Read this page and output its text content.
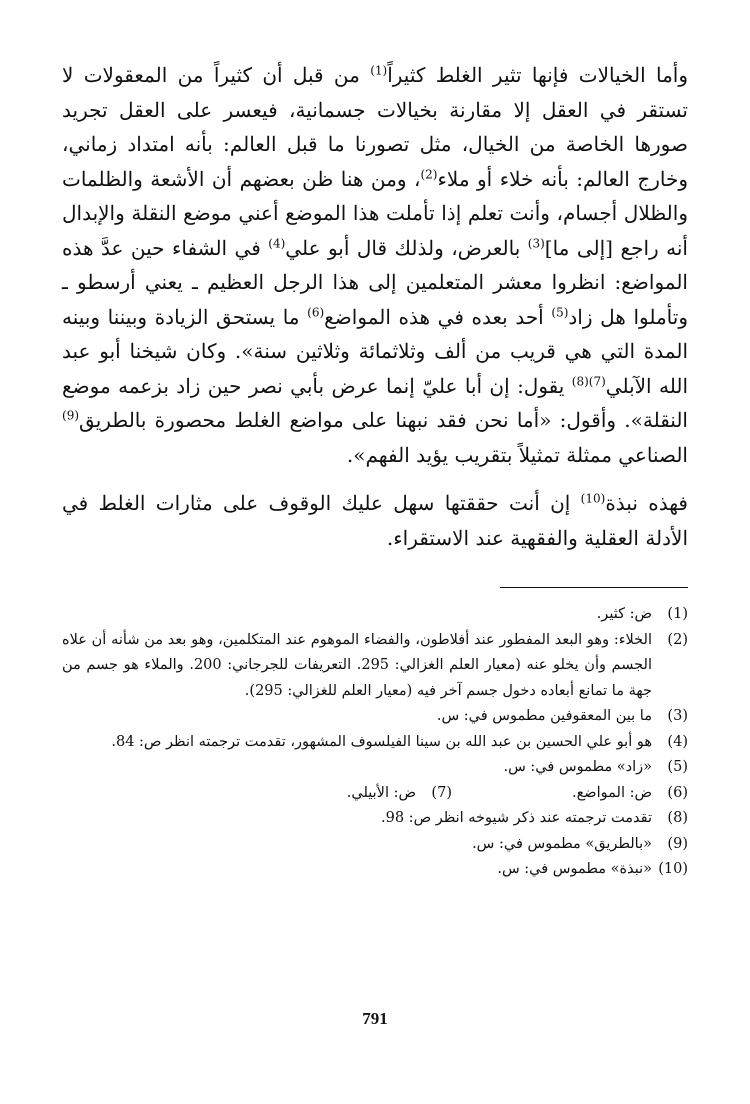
وأما الخيالات فإنها تثير الغلط كثيراً$^{(1)}$ من قبل أن كثيراً من المعقولات لا تستقر في العقل إلا مقارنة بخيالات جسمانية، فيعسر على العقل تجريد صورها الخاصة من الخيال، مثل تصورنا ما قبل العالم: بأنه امتداد زماني، وخارج العالم: بأنه خلاء أو ملاء$^{(2)}$، ومن هنا ظن بعضهم أن الأشعة والظلمات والظلال أجسام، وأنت تعلم إذا تأملت هذا الموضع أعني موضع النقلة والإبدال أنه راجع [إلى ما]$^{(3)}$ بالعرض، ولذلك قال أبو علي$^{(4)}$ في الشفاء حين عدَّ هذه المواضع: انظروا معشر المتعلمين إلى هذا الرجل العظيم ـ يعني أرسطو ـ وتأملوا هل زاد$^{(5)}$ أحد بعده في هذه المواضع$^{(6)}$ ما يستحق الزيادة وبيننا وبينه المدة التي هي قريب من ألف وثلاثمائة وثلاثين سنة». وكان شيخنا أبو عبد الله الآبلي$^{(7)(8)}$ يقول: إن أبا عليّ إنما عرض بأبي نصر حين زاد بزعمه موضع النقلة». وأقول: «أما نحن فقد نبهنا على مواضع الغلط محصورة بالطريق$^{(9)}$ الصناعي ممثلة تمثيلاً بتقريب يؤيد الفهم».

فهذه نبذة$^{(10)}$ إن أنت حققتها سهل عليك الوقوف على مثارات الغلط في الأدلة العقلية والفقهية عند الاستقراء.

(1)
ض: كثير.
(2)
الخلاء: وهو البعد المفطور عند أفلاطون، والفضاء الموهوم عند المتكلمين، وهو بعد من شأنه أن علاه الجسم وأن يخلو عنه (معيار العلم الغزالي: 295. التعريفات للجرجاني: 200. والملاء هو جسم من جهة ما تمانع أبعاده دخول جسم آخر فيه (معيار العلم للغزالي: 295).
(3)
ما بين المعقوفين مطموس في: س.
(4)
هو أبو علي الحسين بن عبد الله بن سينا الفيلسوف المشهور، تقدمت ترجمته انظر ص: 84.
(5)
«زاد» مطموس في: س.
(6)
ض: المواضع.
(7)
ض: الأبيلي.
(8)
تقدمت ترجمته عند ذكر شيوخه انظر ص: 98.
(9)
«بالطريق» مطموس في: س.
(10)
«نبذة» مطموس في: س.
791
